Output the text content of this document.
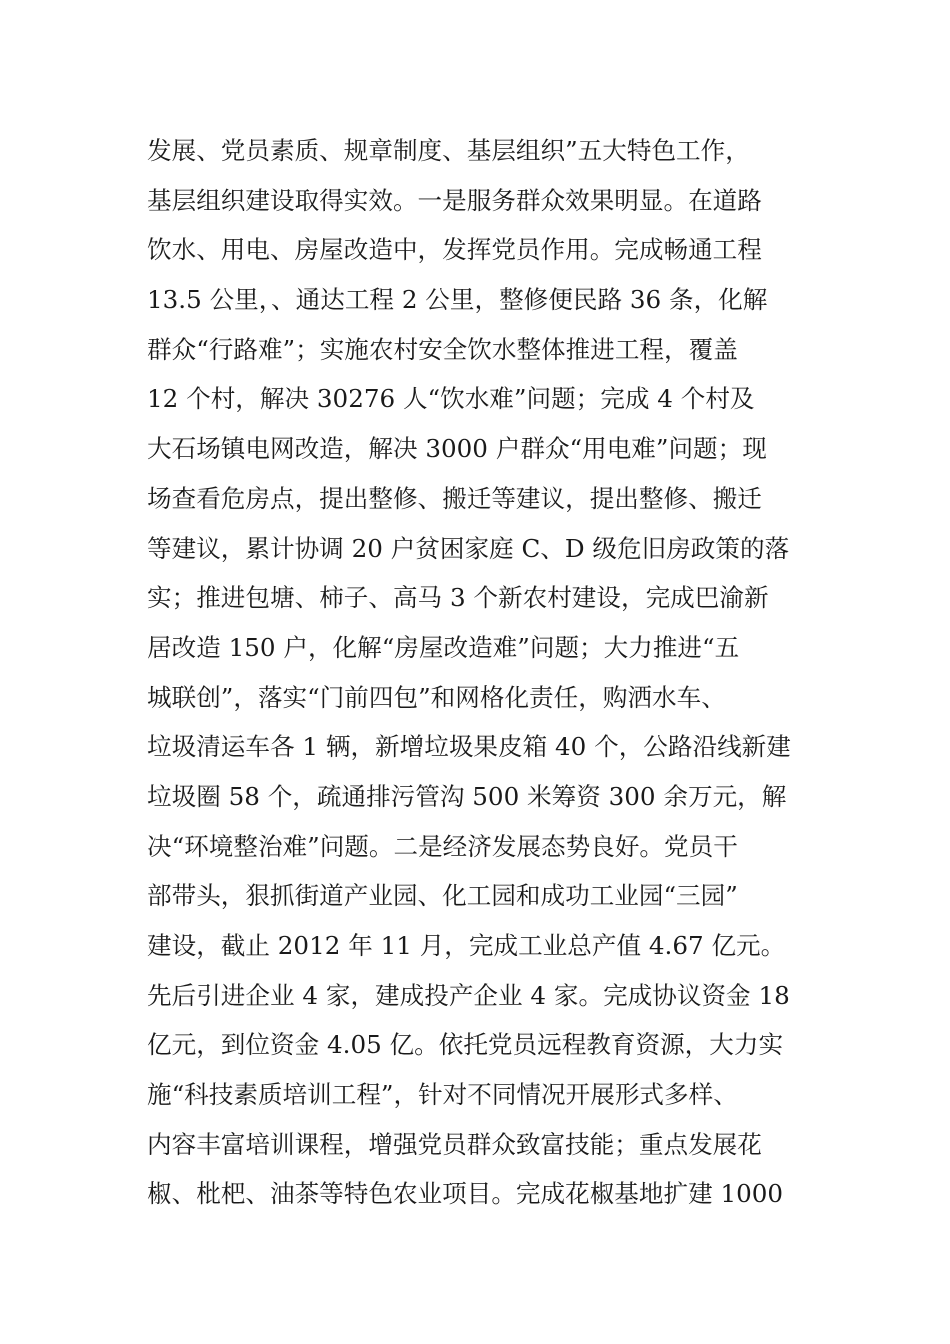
发展、党员素质、规章制度、基层组织”五大特色工作，
基层组织建设取得实效。一是服务群众效果明显。在道路
饮水、用电、房屋改造中，发挥党员作用。完成畅通工程
13.5 公里，、通达工程 2 公里，整修便民路 36 条，化解
群众“行路难”；实施农村安全饮水整体推进工程，覆盖
12 个村，解决 30276 人“饮水难”问题；完成 4 个村及
大石场镇电网改造，解决 3000 户群众“用电难”问题；现
场查看危房点，提出整修、搬迁等建议，提出整修、搬迁
等建议，累计协调 20 户贫困家庭 C、D 级危旧房政策的落
实；推进包塘、柿子、高马 3 个新农村建设，完成巴渝新
居改造 150 户，化解“房屋改造难”问题；大力推进“五
城联创”，落实“门前四包”和网格化责任，购洒水车、
垃圾清运车各 1 辆，新增垃圾果皮箱 40 个，公路沿线新建
垃圾圈 58 个，疏通排污管沟 500 米筹资 300 余万元，解
决“环境整治难”问题。二是经济发展态势良好。党员干
部带头，狠抓街道产业园、化工园和成功工业园“三园”
建设，截止 2012 年 11 月，完成工业总产值 4.67 亿元。
先后引进企业 4 家，建成投产企业 4 家。完成协议资金 18
亿元，到位资金 4.05 亿。依托党员远程教育资源，大力实
施“科技素质培训工程”，针对不同情况开展形式多样、
内容丰富培训课程，增强党员群众致富技能；重点发展花
椒、枇杷、油茶等特色农业项目。完成花椒基地扩建 1000
